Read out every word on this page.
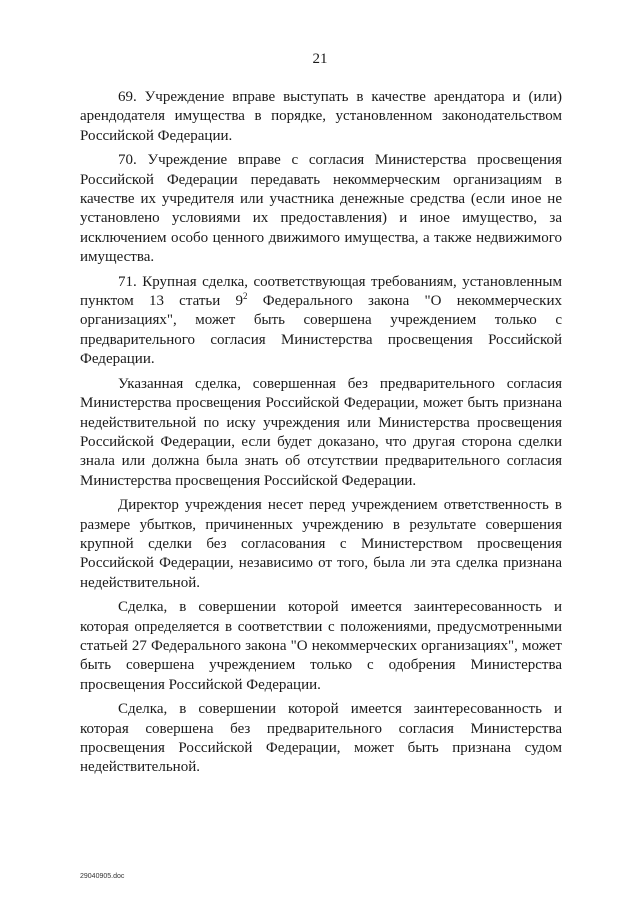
21

69. Учреждение вправе выступать в качестве арендатора и (или) арендодателя имущества в порядке, установленном законодательством Российской Федерации.

70. Учреждение вправе с согласия Министерства просвещения Российской Федерации передавать некоммерческим организациям в качестве их учредителя или участника денежные средства (если иное не установлено условиями их предоставления) и иное имущество, за исключением особо ценного движимого имущества, а также недвижимого имущества.

71. Крупная сделка, соответствующая требованиям, установленным пунктом 13 статьи $9^2$ Федерального закона "О некоммерческих организациях", может быть совершена учреждением только с предварительного согласия Министерства просвещения Российской Федерации.

Указанная сделка, совершенная без предварительного согласия Министерства просвещения Российской Федерации, может быть признана недействительной по иску учреждения или Министерства просвещения Российской Федерации, если будет доказано, что другая сторона сделки знала или должна была знать об отсутствии предварительного согласия Министерства просвещения Российской Федерации.

Директор учреждения несет перед учреждением ответственность в размере убытков, причиненных учреждению в результате совершения крупной сделки без согласования с Министерством просвещения Российской Федерации, независимо от того, была ли эта сделка признана недействительной.

Сделка, в совершении которой имеется заинтересованность и которая определяется в соответствии с положениями, предусмотренными статьей 27 Федерального закона "О некоммерческих организациях", может быть совершена учреждением только с одобрения Министерства просвещения Российской Федерации.

Сделка, в совершении которой имеется заинтересованность и которая совершена без предварительного согласия Министерства просвещения Российской Федерации, может быть признана судом недействительной.

29040905.doc
